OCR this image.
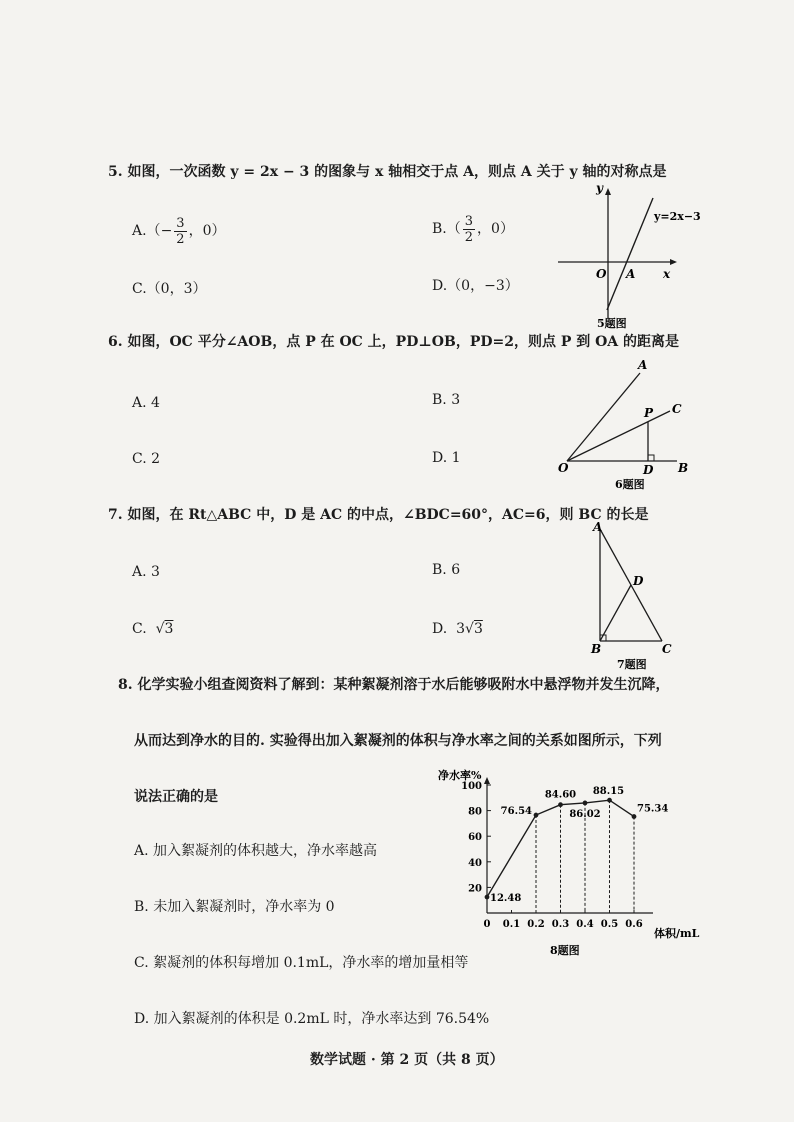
5. 如图，一次函数 y = 2x − 3 的图象与 x 轴相交于点 A，则点 A 关于 y 轴的对称点是
$A.(- \frac{3}{2}$ ，0）	$B.( \frac{3}{2}$ ，0）
C.（0，3）	D.（0，−3）
y
x
O A
y=2x−3
5题图
6. 如图，OC 平分∠AOB，点 P 在 OC 上，PD⊥OB，PD=2，则点 P 到 OA 的距离是
A. 4	B. 3
C. 2	D. 1
A
P C
O	D B
6题图
7. 如图，在 Rt△ABC 中，D 是 AC 的中点，∠BDC=60°，AC=6，则 BC 的长是
A. 3	B. 6
C.  √3	D. 3√3
A
D
B	C
7题图
8. 化学实验小组查阅资料了解到：某种絮凝剂溶于水后能够吸附水中悬浮物并发生沉降，
从而达到净水的目的. 实验得出加入絮凝剂的体积与净水率之间的关系如图所示，下列
说法正确的是
A. 加入絮凝剂的体积越大，净水率越高
B. 未加入絮凝剂时，净水率为 0
C. 絮凝剂的体积每增加 0.1mL，净水率的增加量相等
D. 加入絮凝剂的体积是 0.2mL 时，净水率达到 76.54%
20
40
60
80
100
0 0.1 0.2 0.3 0.4 0.5 0.6
12.48
76.54
84.60
86.02
88.15
75.34
净水率%
体积/mL
8题图
数学试题 · 第 2 页（共 8 页）
